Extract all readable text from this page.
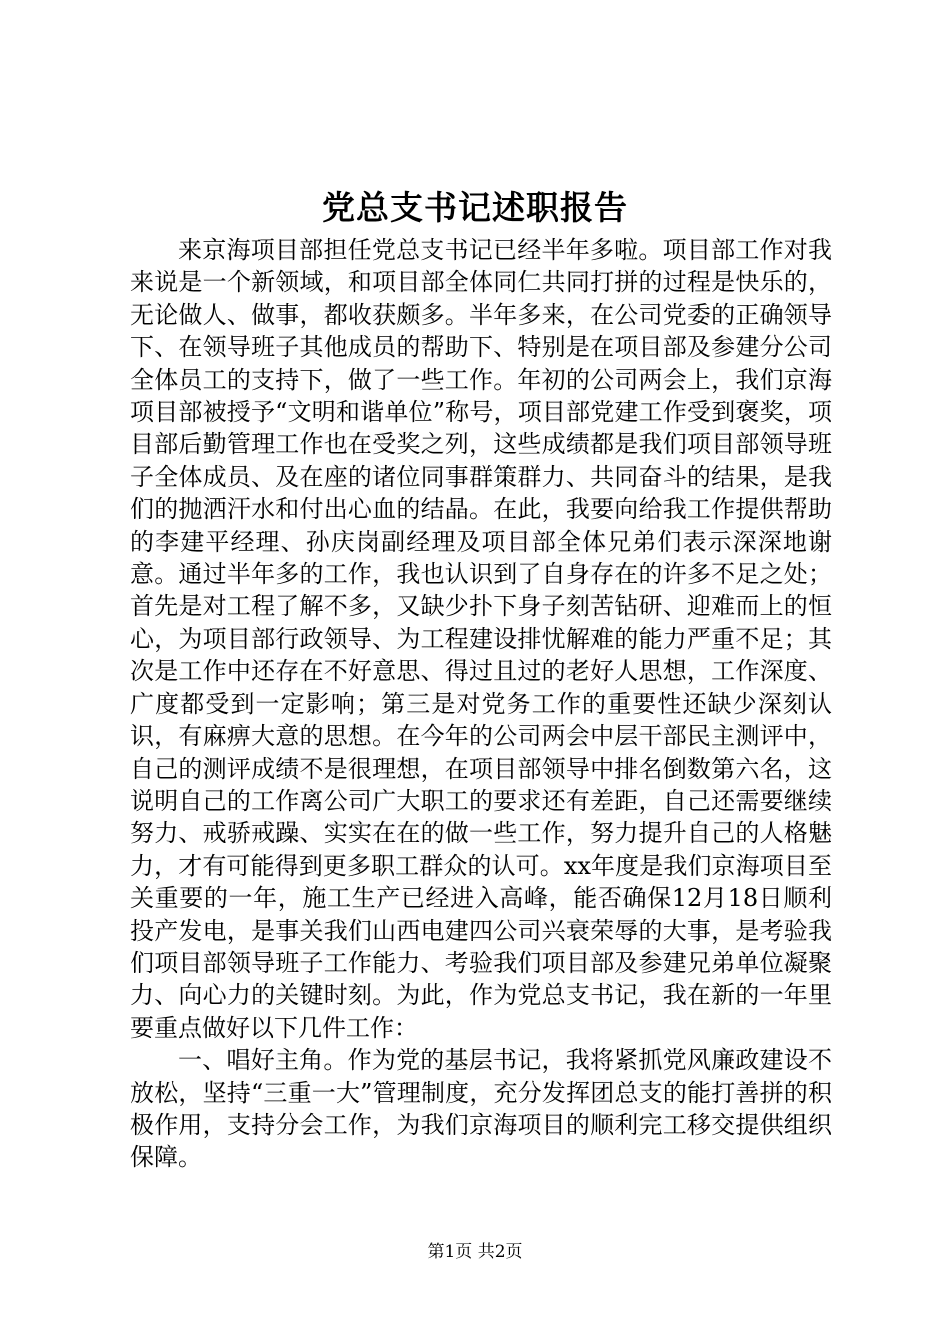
党总支书记述职报告

来京海项目部担任党总支书记已经半年多啦。项目部工作对我来说是一个新领域，和项目部全体同仁共同打拼的过程是快乐的，无论做人、做事，都收获颇多。半年多来，在公司党委的正确领导下、在领导班子其他成员的帮助下、特别是在项目部及参建分公司全体员工的支持下，做了一些工作。年初的公司两会上，我们京海项目部被授予“文明和谐单位”称号，项目部党建工作受到褒奖，项目部后勤管理工作也在受奖之列，这些成绩都是我们项目部领导班子全体成员、及在座的诸位同事群策群力、共同奋斗的结果，是我们的抛洒汗水和付出心血的结晶。在此，我要向给我工作提供帮助的李建平经理、孙庆岗副经理及项目部全体兄弟们表示深深地谢意。通过半年多的工作，我也认识到了自身存在的许多不足之处；首先是对工程了解不多，又缺少扑下身子刻苦钻研、迎难而上的恒心，为项目部行政领导、为工程建设排忧解难的能力严重不足；其次是工作中还存在不好意思、得过且过的老好人思想，工作深度、广度都受到一定影响；第三是对党务工作的重要性还缺少深刻认识，有麻痹大意的思想。在今年的公司两会中层干部民主测评中，自己的测评成绩不是很理想，在项目部领导中排名倒数第六名，这说明自己的工作离公司广大职工的要求还有差距，自己还需要继续努力、戒骄戒躁、实实在在的做一些工作，努力提升自己的人格魅力，才有可能得到更多职工群众的认可。xx年度是我们京海项目至关重要的一年，施工生产已经进入高峰，能否确保12月18日顺利投产发电，是事关我们山西电建四公司兴衰荣辱的大事，是考验我们项目部领导班子工作能力、考验我们项目部及参建兄弟单位凝聚力、向心力的关键时刻。为此，作为党总支书记，我在新的一年里要重点做好以下几件工作：

一、唱好主角。作为党的基层书记，我将紧抓党风廉政建设不放松，坚持“三重一大”管理制度，充分发挥团总支的能打善拼的积极作用，支持分会工作，为我们京海项目的顺利完工移交提供组织保障。

第1页 共2页
